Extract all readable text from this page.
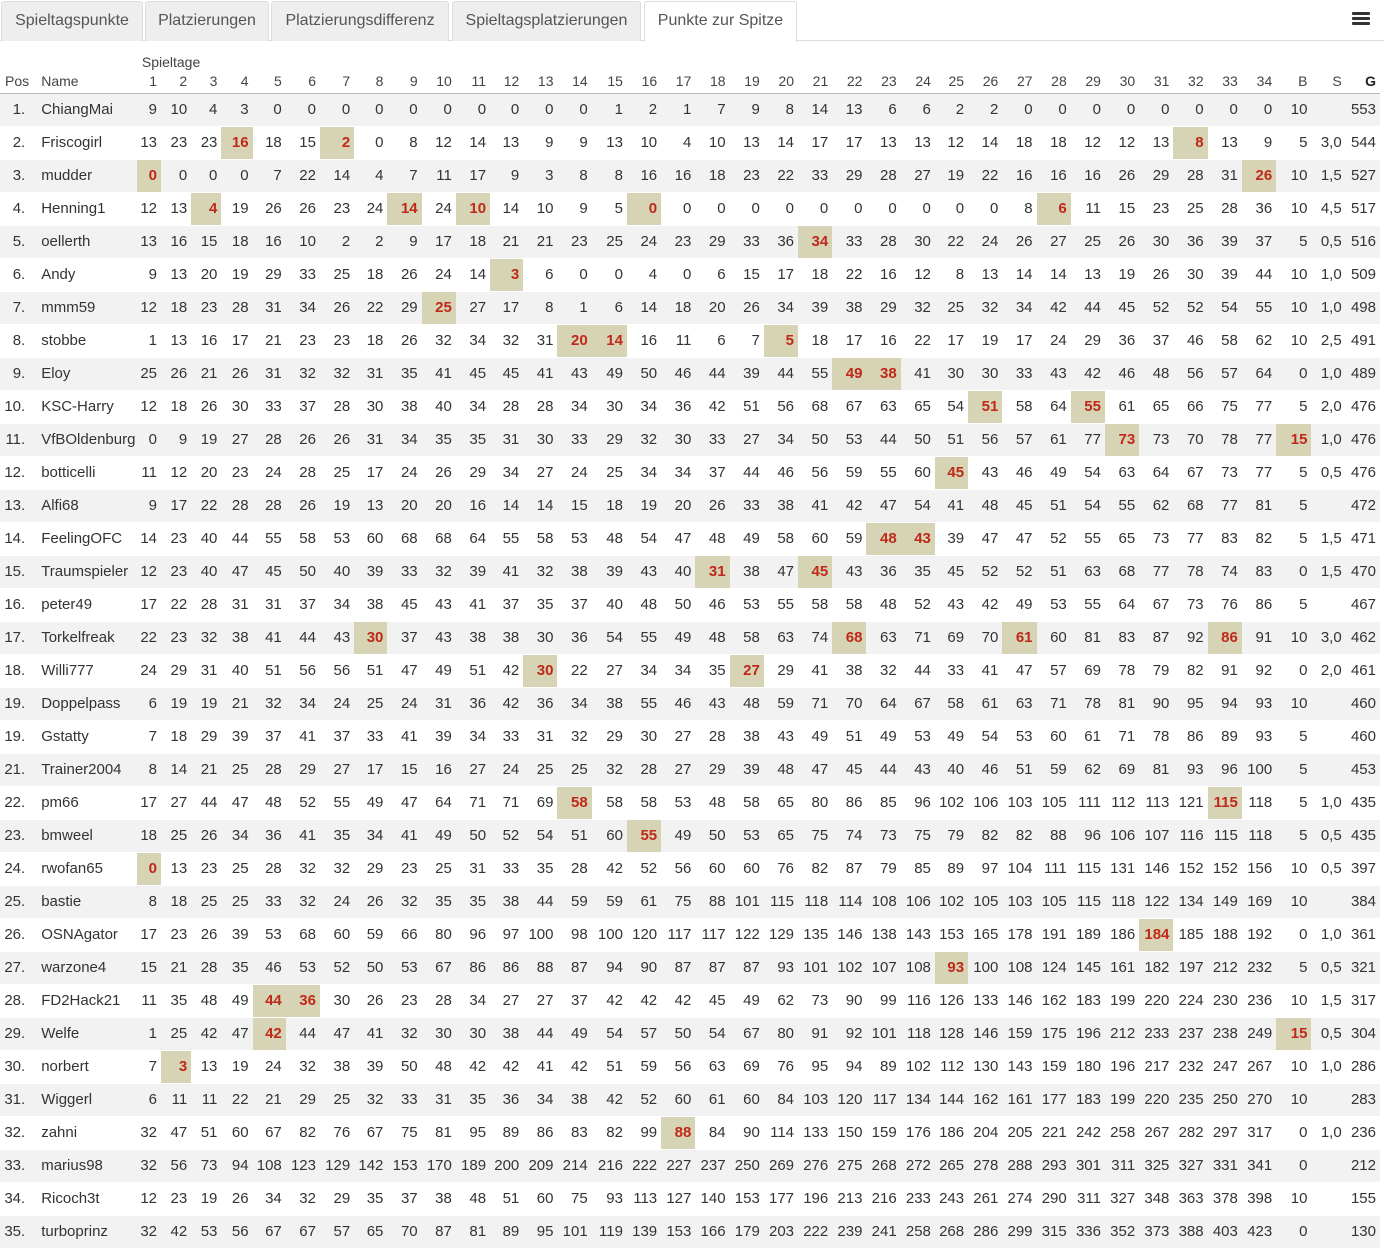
Spieltagspunkte	Platzierungen	Platzierungsdifferenz	Spieltagsplatzierungen	Punkte zur Spitze
		Spieltage																																				
Pos	Name	1	2	3	4	5	6	7	8	9	10	11	12	13	14	15	16	17	18	19	20	21	22	23	24	25	26	27	28	29	30	31	32	33	34	B	S	G
1.	ChiangMai	9	10	4	3	0	0	0	0	0	0	0	0	0	0	1	2	1	7	9	8	14	13	6	6	2	2	0	0	0	0	0	0	0	0	10		553
2.	Friscogirl	13	23	23	16	18	15	2	0	8	12	14	13	9	9	13	10	4	10	13	14	17	17	13	13	12	14	18	18	12	12	13	8	13	9	5	3,0	544
3.	mudder	0	0	0	0	7	22	14	4	7	11	17	9	3	8	8	16	16	18	23	22	33	29	28	27	19	22	16	16	16	26	29	28	31	26	10	1,5	527
4.	Henning1	12	13	4	19	26	26	23	24	14	24	10	14	10	9	5	0	0	0	0	0	0	0	0	0	0	0	8	6	11	15	23	25	28	36	10	4,5	517
5.	oellerth	13	16	15	18	16	10	2	2	9	17	18	21	21	23	25	24	23	29	33	36	34	33	28	30	22	24	26	27	25	26	30	36	39	37	5	0,5	516
6.	Andy	9	13	20	19	29	33	25	18	26	24	14	3	6	0	0	4	0	6	15	17	18	22	16	12	8	13	14	14	13	19	26	30	39	44	10	1,0	509
7.	mmm59	12	18	23	28	31	34	26	22	29	25	27	17	8	1	6	14	18	20	26	34	39	38	29	32	25	32	34	42	44	45	52	52	54	55	10	1,0	498
8.	stobbe	1	13	16	17	21	23	23	18	26	32	34	32	31	20	14	16	11	6	7	5	18	17	16	22	17	19	17	24	29	36	37	46	58	62	10	2,5	491
9.	Eloy	25	26	21	26	31	32	32	31	35	41	45	45	41	43	49	50	46	44	39	44	55	49	38	41	30	30	33	43	42	46	48	56	57	64	0	1,0	489
10.	KSC-Harry	12	18	26	30	33	37	28	30	38	40	34	28	28	34	30	34	36	42	51	56	68	67	63	65	54	51	58	64	55	61	65	66	75	77	5	2,0	476
11.	VfBOldenburg	0	9	19	27	28	26	26	31	34	35	35	31	30	33	29	32	30	33	27	34	50	53	44	50	51	56	57	61	77	73	73	70	78	77	15	1,0	476
12.	botticelli	11	12	20	23	24	28	25	17	24	26	29	34	27	24	25	34	34	37	44	46	56	59	55	60	45	43	46	49	54	63	64	67	73	77	5	0,5	476
13.	Alfi68	9	17	22	28	28	26	19	13	20	20	16	14	14	15	18	19	20	26	33	38	41	42	47	54	41	48	45	51	54	55	62	68	77	81	5		472
14.	FeelingOFC	14	23	40	44	55	58	53	60	68	68	64	55	58	53	48	54	47	48	49	58	60	59	48	43	39	47	47	52	55	65	73	77	83	82	5	1,5	471
15.	Traumspieler	12	23	40	47	45	50	40	39	33	32	39	41	32	38	39	43	40	31	38	47	45	43	36	35	45	52	52	51	63	68	77	78	74	83	0	1,5	470
16.	peter49	17	22	28	31	31	37	34	38	45	43	41	37	35	37	40	48	50	46	53	55	58	58	48	52	43	42	49	53	55	64	67	73	76	86	5		467
17.	Torkelfreak	22	23	32	38	41	44	43	30	37	43	38	38	30	36	54	55	49	48	58	63	74	68	63	71	69	70	61	60	81	83	87	92	86	91	10	3,0	462
18.	Willi777	24	29	31	40	51	56	56	51	47	49	51	42	30	22	27	34	34	35	27	29	41	38	32	44	33	41	47	57	69	78	79	82	91	92	0	2,0	461
19.	Doppelpass	6	19	19	21	32	34	24	25	24	31	36	42	36	34	38	55	46	43	48	59	71	70	64	67	58	61	63	71	78	81	90	95	94	93	10		460
19.	Gstatty	7	18	29	39	37	41	37	33	41	39	34	33	31	32	29	30	27	28	38	43	49	51	49	53	49	54	53	60	61	71	78	86	89	93	5		460
21.	Trainer2004	8	14	21	25	28	29	27	17	15	16	27	24	25	25	32	28	27	29	39	48	47	45	44	43	40	46	51	59	62	69	81	93	96	100	5		453
22.	pm66	17	27	44	47	48	52	55	49	47	64	71	71	69	58	58	58	53	48	58	65	80	86	85	96	102	106	103	105	111	112	113	121	115	118	5	1,0	435
23.	bmweel	18	25	26	34	36	41	35	34	41	49	50	52	54	51	60	55	49	50	53	65	75	74	73	75	79	82	82	88	96	106	107	116	115	118	5	0,5	435
24.	rwofan65	0	13	23	25	28	32	32	29	23	25	31	33	35	28	42	52	56	60	60	76	82	87	79	85	89	97	104	111	115	131	146	152	152	156	10	0,5	397
25.	bastie	8	18	25	25	33	32	24	26	32	35	35	38	44	59	59	61	75	88	101	115	118	114	108	106	102	105	103	105	115	118	122	134	149	169	10		384
26.	OSNAgator	17	23	26	39	53	68	60	59	66	80	96	97	100	98	100	120	117	117	122	129	135	146	138	143	153	165	178	191	189	186	184	185	188	192	0	1,0	361
27.	warzone4	15	21	28	35	46	53	52	50	53	67	86	86	88	87	94	90	87	87	87	93	101	102	107	108	93	100	108	124	145	161	182	197	212	232	5	0,5	321
28.	FD2Hack21	11	35	48	49	44	36	30	26	23	28	34	27	27	37	42	42	42	45	49	62	73	90	99	116	126	133	146	162	183	199	220	224	230	236	10	1,5	317
29.	Welfe	1	25	42	47	42	44	47	41	32	30	30	38	44	49	54	57	50	54	67	80	91	92	101	118	128	146	159	175	196	212	233	237	238	249	15	0,5	304
30.	norbert	7	3	13	19	24	32	38	39	50	48	42	42	41	42	51	59	56	63	69	76	95	94	89	102	112	130	143	159	180	196	217	232	247	267	10	1,0	286
31.	Wiggerl	6	11	11	22	21	29	25	32	33	31	35	36	34	38	42	52	60	61	60	84	103	120	117	134	144	162	161	177	183	199	220	235	250	270	10		283
32.	zahni	32	47	51	60	67	82	76	67	75	81	95	89	86	83	82	99	88	84	90	114	133	150	159	176	186	204	205	221	242	258	267	282	297	317	0	1,0	236
33.	marius98	32	56	73	94	108	123	129	142	153	170	189	200	209	214	216	222	227	237	250	269	276	275	268	272	265	278	288	293	301	311	325	327	331	341	0		212
34.	Ricoch3t	12	23	19	26	34	32	29	35	37	38	48	51	60	75	93	113	127	140	153	177	196	213	216	233	243	261	274	290	311	327	348	363	378	398	10		155
35.	turboprinz	32	42	53	56	67	67	57	65	70	87	81	89	95	101	119	139	153	166	179	203	222	239	241	258	268	286	299	315	336	352	373	388	403	423	0		130
